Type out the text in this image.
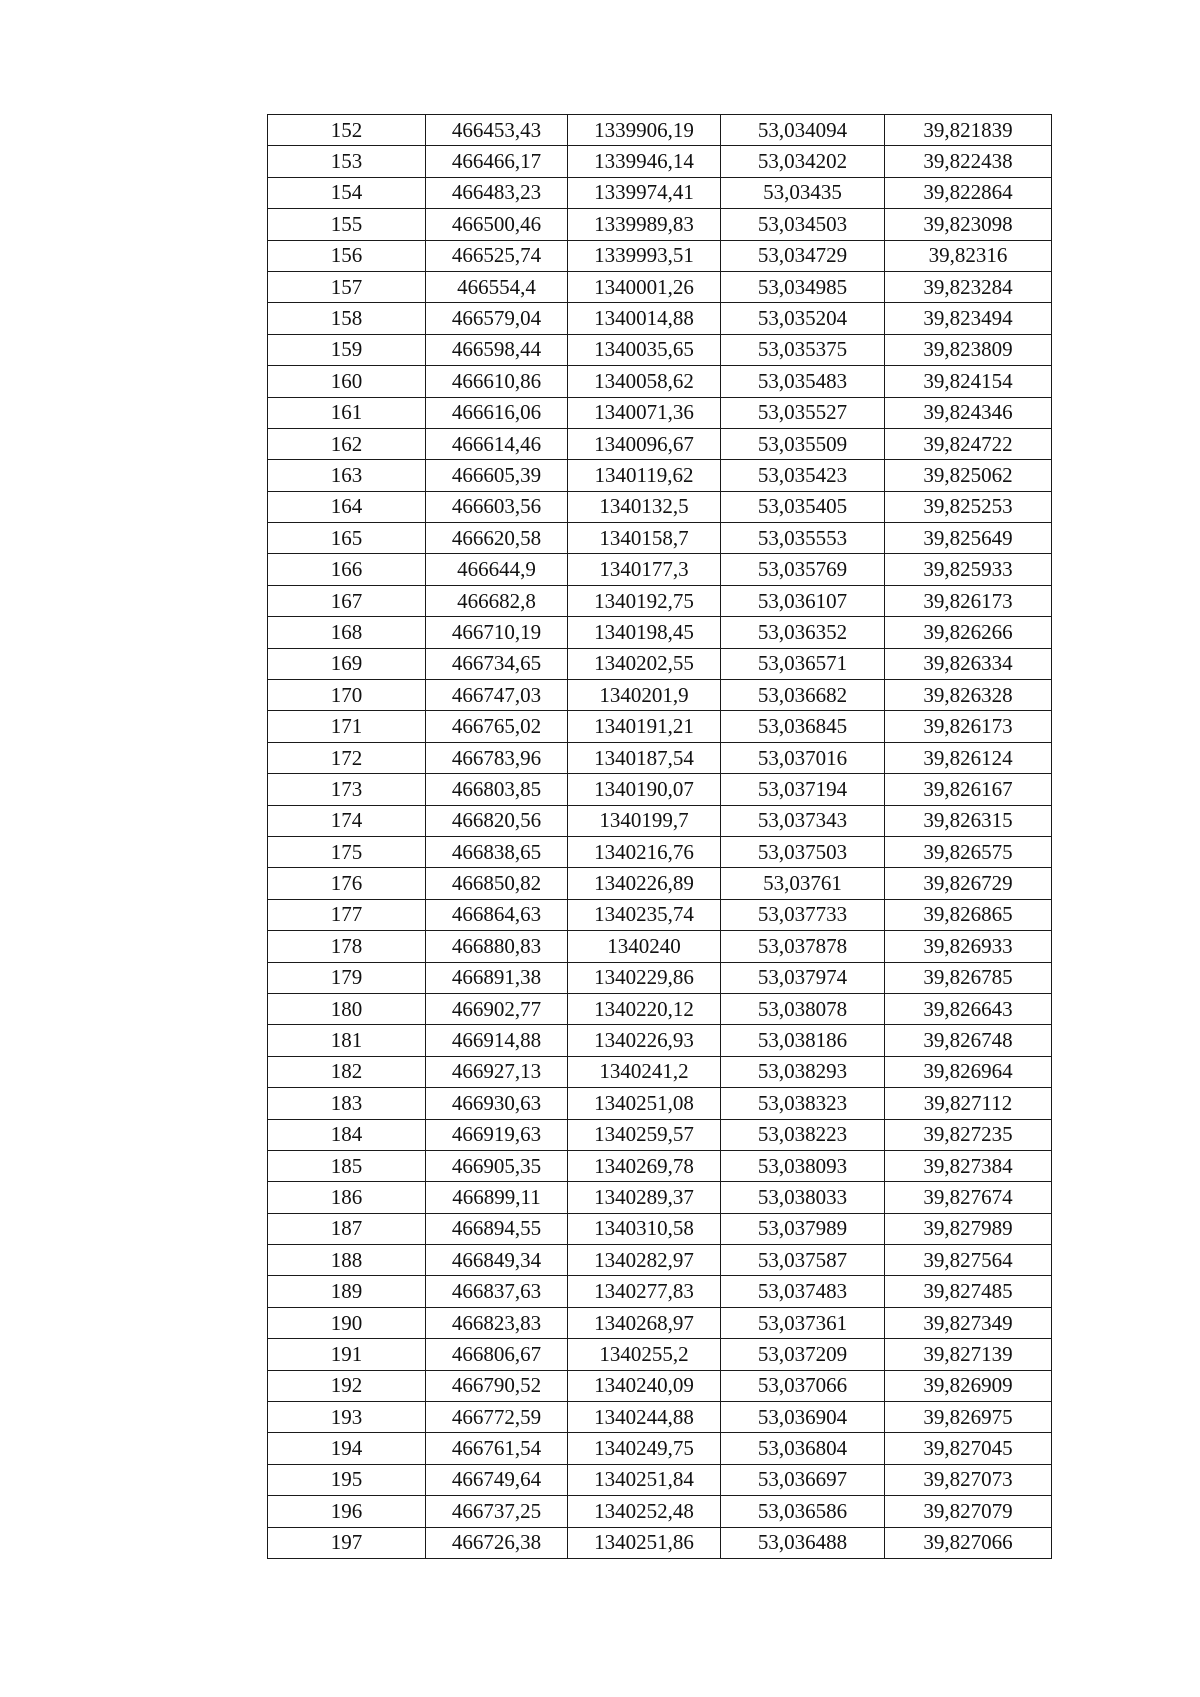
152	466453,43	1339906,19	53,034094	39,821839
153	466466,17	1339946,14	53,034202	39,822438
154	466483,23	1339974,41	53,03435	39,822864
155	466500,46	1339989,83	53,034503	39,823098
156	466525,74	1339993,51	53,034729	39,82316
157	466554,4	1340001,26	53,034985	39,823284
158	466579,04	1340014,88	53,035204	39,823494
159	466598,44	1340035,65	53,035375	39,823809
160	466610,86	1340058,62	53,035483	39,824154
161	466616,06	1340071,36	53,035527	39,824346
162	466614,46	1340096,67	53,035509	39,824722
163	466605,39	1340119,62	53,035423	39,825062
164	466603,56	1340132,5	53,035405	39,825253
165	466620,58	1340158,7	53,035553	39,825649
166	466644,9	1340177,3	53,035769	39,825933
167	466682,8	1340192,75	53,036107	39,826173
168	466710,19	1340198,45	53,036352	39,826266
169	466734,65	1340202,55	53,036571	39,826334
170	466747,03	1340201,9	53,036682	39,826328
171	466765,02	1340191,21	53,036845	39,826173
172	466783,96	1340187,54	53,037016	39,826124
173	466803,85	1340190,07	53,037194	39,826167
174	466820,56	1340199,7	53,037343	39,826315
175	466838,65	1340216,76	53,037503	39,826575
176	466850,82	1340226,89	53,03761	39,826729
177	466864,63	1340235,74	53,037733	39,826865
178	466880,83	1340240	53,037878	39,826933
179	466891,38	1340229,86	53,037974	39,826785
180	466902,77	1340220,12	53,038078	39,826643
181	466914,88	1340226,93	53,038186	39,826748
182	466927,13	1340241,2	53,038293	39,826964
183	466930,63	1340251,08	53,038323	39,827112
184	466919,63	1340259,57	53,038223	39,827235
185	466905,35	1340269,78	53,038093	39,827384
186	466899,11	1340289,37	53,038033	39,827674
187	466894,55	1340310,58	53,037989	39,827989
188	466849,34	1340282,97	53,037587	39,827564
189	466837,63	1340277,83	53,037483	39,827485
190	466823,83	1340268,97	53,037361	39,827349
191	466806,67	1340255,2	53,037209	39,827139
192	466790,52	1340240,09	53,037066	39,826909
193	466772,59	1340244,88	53,036904	39,826975
194	466761,54	1340249,75	53,036804	39,827045
195	466749,64	1340251,84	53,036697	39,827073
196	466737,25	1340252,48	53,036586	39,827079
197	466726,38	1340251,86	53,036488	39,827066
